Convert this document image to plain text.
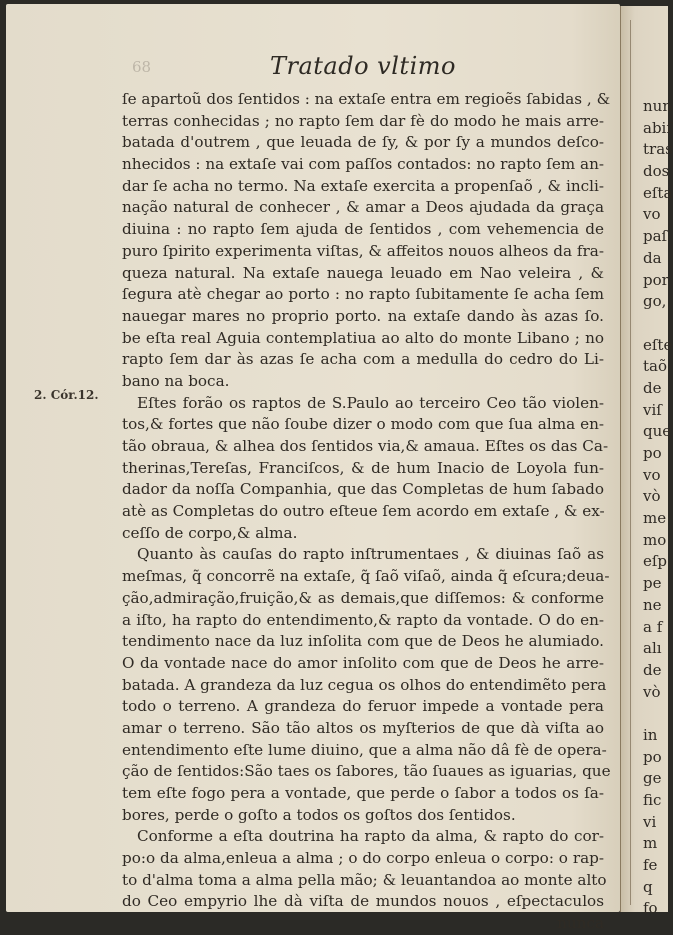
nun
abiſ
tras
dos
eſta
vo
paſ
da
por
go,
eſte
taõ
de
viſ
que
po
vo
vò
me
mo
eſp
pe
ne
a f
alı
de
vò
in
po
ge
fic
vi
m
fe
q
fo
68	Tratado vltimo
2. Cór.12.
ſe apartoũ dos ſentidos : na extaſe entra em regioẽs ſabidas , &
terras conhecidas ; no rapto ſem dar fè do modo he mais arre-
batada d'outrem , que leuada de ſy, & por ſy a mundos deſco-
nhecidos : na extaſe vai com paſſos contados: no rapto ſem an-
dar ſe acha no termo. Na extaſe exercita a propenſaõ , & incli-
nação natural de conhecer , & amar a Deos ajudada da graça
diuina : no rapto ſem ajuda de ſentidos , com vehemencia de
puro ſpirito experimenta viſtas, & affeitos nouos alheos da fra-
queza natural. Na extaſe nauega leuado em Nao veleira , &
ſegura atè chegar ao porto : no rapto ſubitamente ſe acha ſem
nauegar mares no proprio porto. na extaſe dando às azas ſo.
be eſta real Aguia contemplatiua ao alto do monte Libano ; no
rapto ſem dar às azas ſe acha com a medulla do cedro do Li-
bano na boca.
Eſtes forão os raptos de S.Paulo ao terceiro Ceo tão violen-
tos,& fortes que não ſoube dizer o modo com que ſua alma en-
tão obraua, & alhea dos ſentidos via,& amaua. Eſtes os das Ca-
therinas,Tereſas, Franciſcos, & de hum Inacio de Loyola fun-
dador da noſſa Companhia, que das Completas de hum ſabado
atè as Completas do outro eſteue ſem acordo em extaſe , & ex-
ceſſo de corpo,& alma.
Quanto às cauſas do rapto inſtrumentaes , & diuinas ſaõ as
meſmas, q̃ concorrẽ na extaſe, q̃ ſaõ viſaõ, ainda q̃ eſcura;deua-
ção,admiração,fruição,& as demais,que diſſemos: & conforme
a iſto, ha rapto do entendimento,& rapto da vontade. O do en-
tendimento nace da luz inſolita com que de Deos he alumiado.
O da vontade nace do amor inſolito com que de Deos he arre-
batada. A grandeza da luz cegua os olhos do entendimẽto pera
todo o terreno. A grandeza do feruor impede a vontade pera
amar o terreno. São tão altos os myſterios de que dà viſta ao
entendimento eſte lume diuino, que a alma não dâ fè de opera-
ção de ſentidos:São taes os ſabores, tão ſuaues as iguarias, que
tem eſte fogo pera a vontade, que perde o ſabor a todos os ſa-
bores, perde o goſto a todos os goſtos dos ſentidos.
Conforme a eſta doutrina ha rapto da alma, & rapto do cor-
po:o da alma,enleua a alma ; o do corpo enleua o corpo: o rap-
to d'alma toma a alma pella mão; & leuantandoa ao monte alto
do Ceo empyrio lhe dà viſta de mundos nouos , eſpectaculos
nunca
